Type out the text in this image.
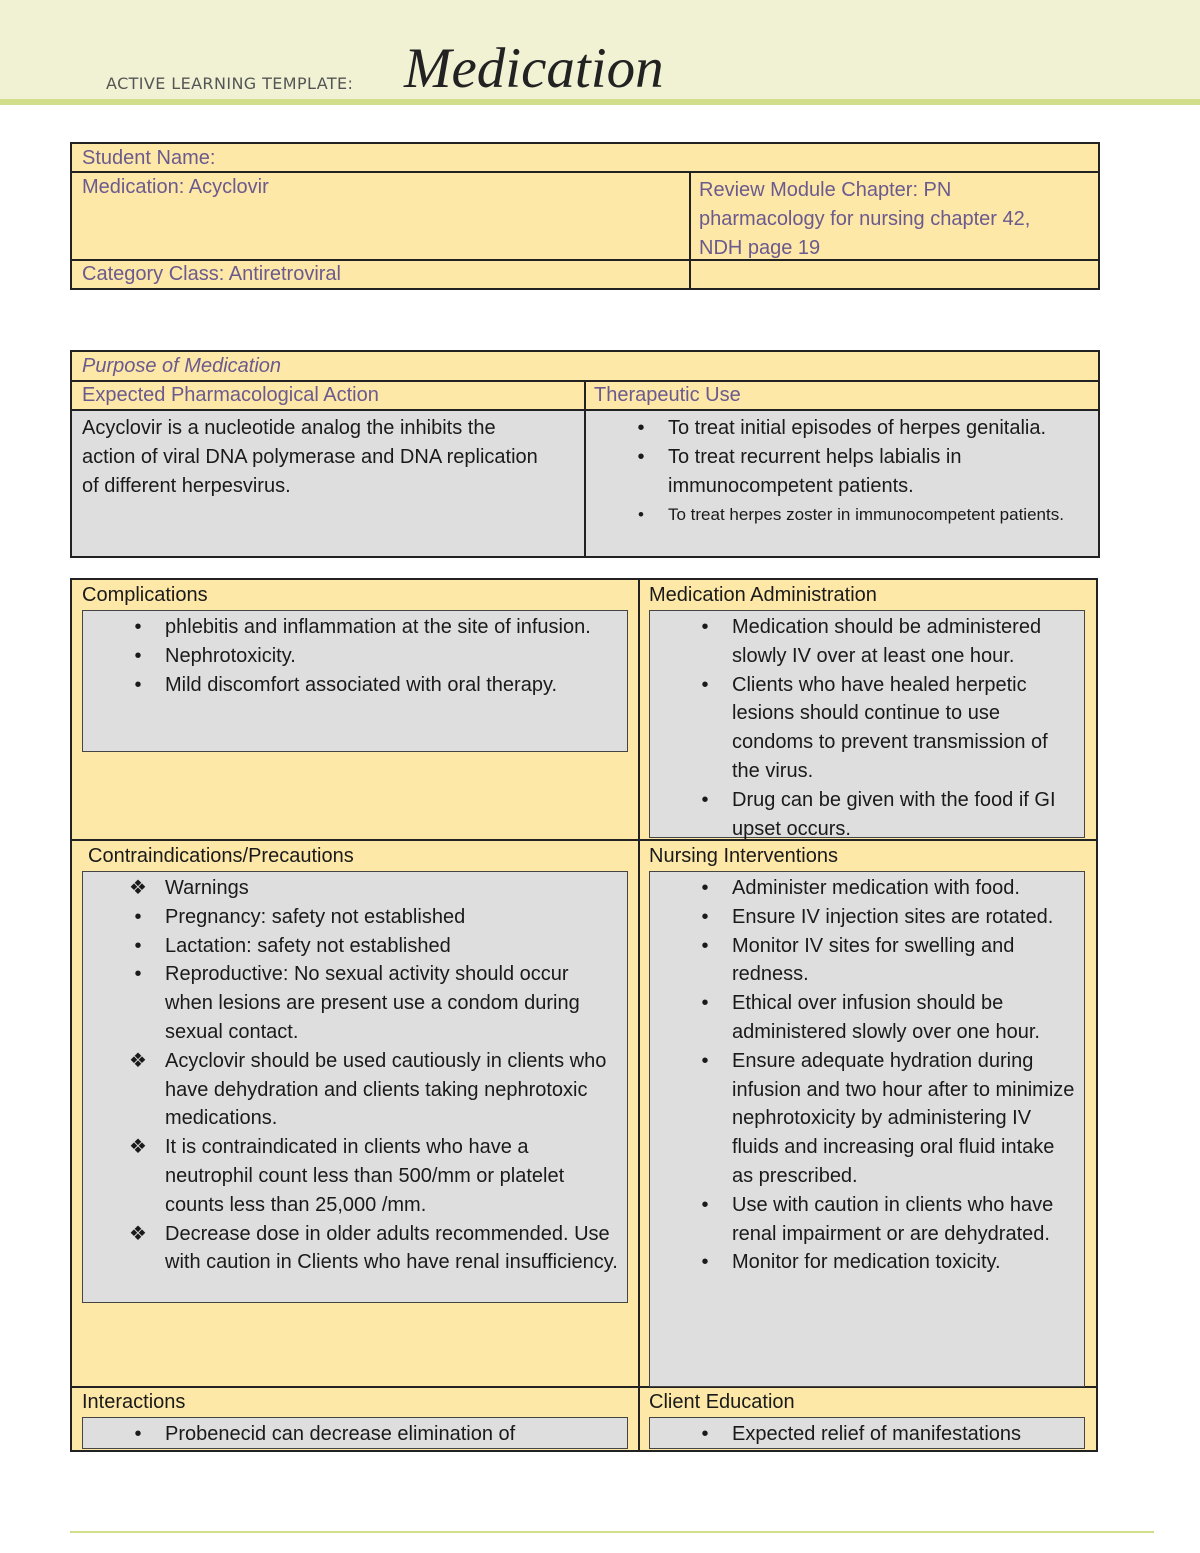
ACTIVE LEARNING TEMPLATE: Medication
Student Name:
Medication: Acyclovir	Review Module Chapter: PN pharmacology for nursing chapter 42, NDH page 19
Category Class: Antiretroviral
Purpose of Medication
Expected Pharmacological Action	Therapeutic Use
Acyclovir is a nucleotide analog the inhibits the action of viral DNA polymerase and DNA replication of different herpesvirus.
•	To treat initial episodes of herpes genitalia.
•	To treat recurrent helps labialis in immunocompetent patients.
•	To treat herpes zoster in immunocompetent patients.
Complications
•	phlebitis and inflammation at the site of infusion.
•	Nephrotoxicity.
•	Mild discomfort associated with oral therapy.
Medication Administration
•	Medication should be administered slowly IV over at least one hour.
•	Clients who have healed herpetic lesions should continue to use condoms to prevent transmission of the virus.
•	Drug can be given with the food if GI upset occurs.
Contraindications/Precautions
❖ Warnings
•	Pregnancy: safety not established
•	Lactation: safety not established
•	Reproductive: No sexual activity should occur when lesions are present use a condom during sexual contact.
❖ Acyclovir should be used cautiously in clients who have dehydration and clients taking nephrotoxic medications.
❖ It is contraindicated in clients who have a neutrophil count less than 500/mm or platelet counts less than 25,000 /mm.
❖ Decrease dose in older adults recommended. Use with caution in Clients who have renal insufficiency.
Nursing Interventions
•	Administer medication with food.
•	Ensure IV injection sites are rotated.
•	Monitor IV sites for swelling and redness.
•	Ethical over infusion should be administered slowly over one hour.
•	Ensure adequate hydration during infusion and two hour after to minimize nephrotoxicity by administering IV fluids and increasing oral fluid intake as prescribed.
•	Use with caution in clients who have renal impairment or are dehydrated.
•	Monitor for medication toxicity.
Interactions
•	Probenecid can decrease elimination of
Client Education
•	Expected relief of manifestations
